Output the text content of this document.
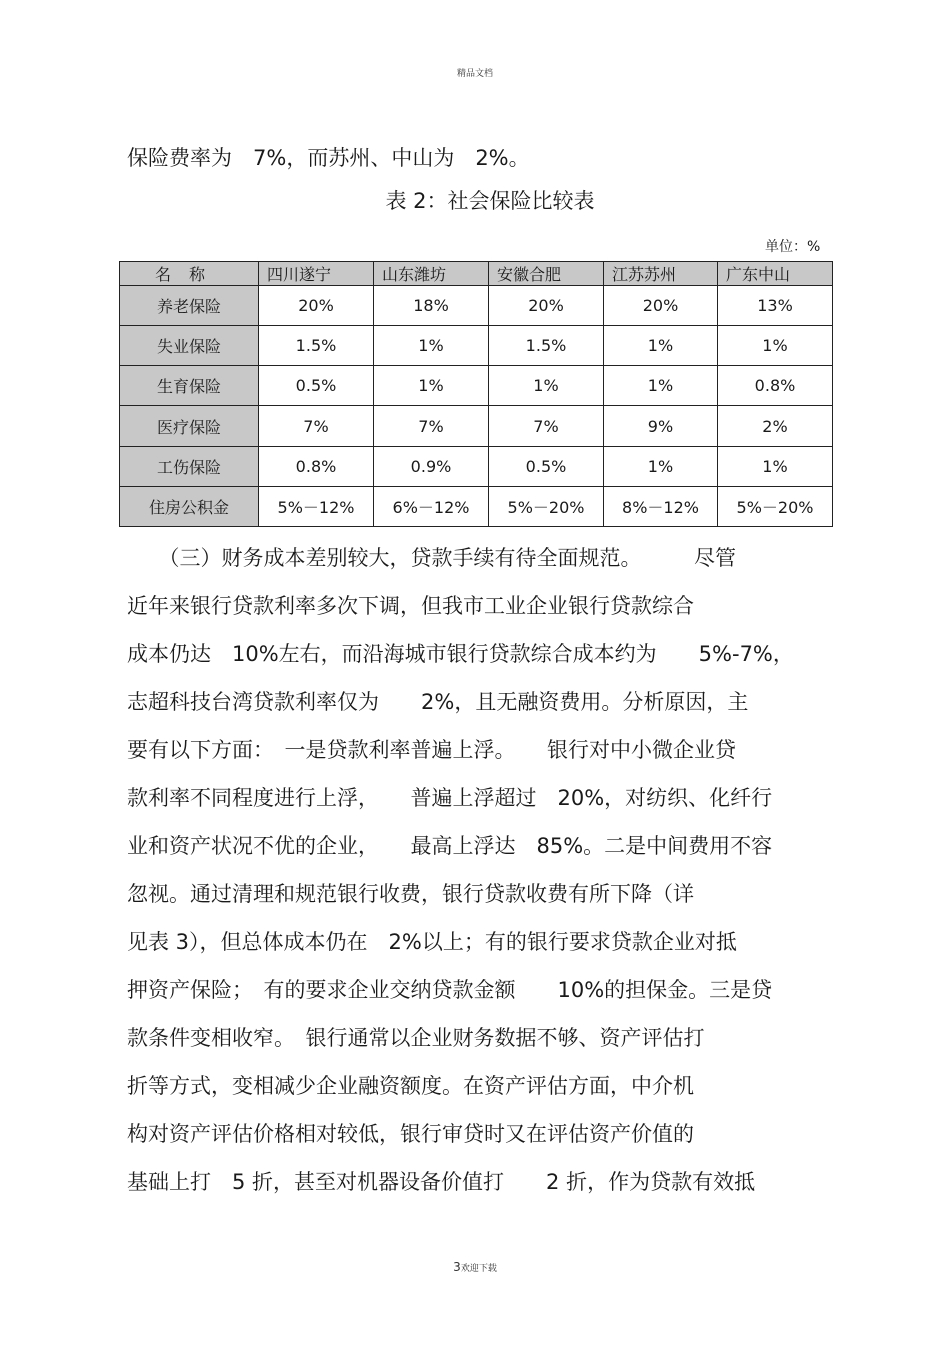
精品文档
保险费率为　7%，而苏州、中山为　2%。
表 2：社会保险比较表
单位：%
名称	四川遂宁	山东潍坊	安徽合肥	江苏苏州	广东中山
养老保险	20%	18%	20%	20%	13%
失业保险	1.5%	1%	1.5%	1%	1%
生育保险	0.5%	1%	1%	1%	0.8%
医疗保险	7%	7%	7%	9%	2%
工伤保险	0.8%	0.9%	0.5%	1%	1%
住房公积金	5%－12%	6%－12%	5%－20%	8%－12%	5%－20%
　　（三）财务成本差别较大，贷款手续有待全面规范。　　　尽管
近年来银行贷款利率多次下调，但我市工业企业银行贷款综合
成本仍达　10%左右，而沿海城市银行贷款综合成本约为　　5%-7%，
志超科技台湾贷款利率仅为　　2%，且无融资费用。分析原因，主
要有以下方面：　一是贷款利率普遍上浮。　　银行对中小微企业贷
款利率不同程度进行上浮，　　普遍上浮超过　20%，对纺织、化纤行
业和资产状况不优的企业，　　最高上浮达　85%。二是中间费用不容
忽视。通过清理和规范银行收费，银行贷款收费有所下降（详
见表 3），但总体成本仍在　2%以上；有的银行要求贷款企业对抵
押资产保险；　有的要求企业交纳贷款金额　　10%的担保金。三是贷
款条件变相收窄。　银行通常以企业财务数据不够、资产评估打
折等方式，变相减少企业融资额度。在资产评估方面，中介机
构对资产评估价格相对较低，银行审贷时又在评估资产价值的
基础上打　5 折，甚至对机器设备价值打　　2 折，作为贷款有效抵
3欢迎下载
